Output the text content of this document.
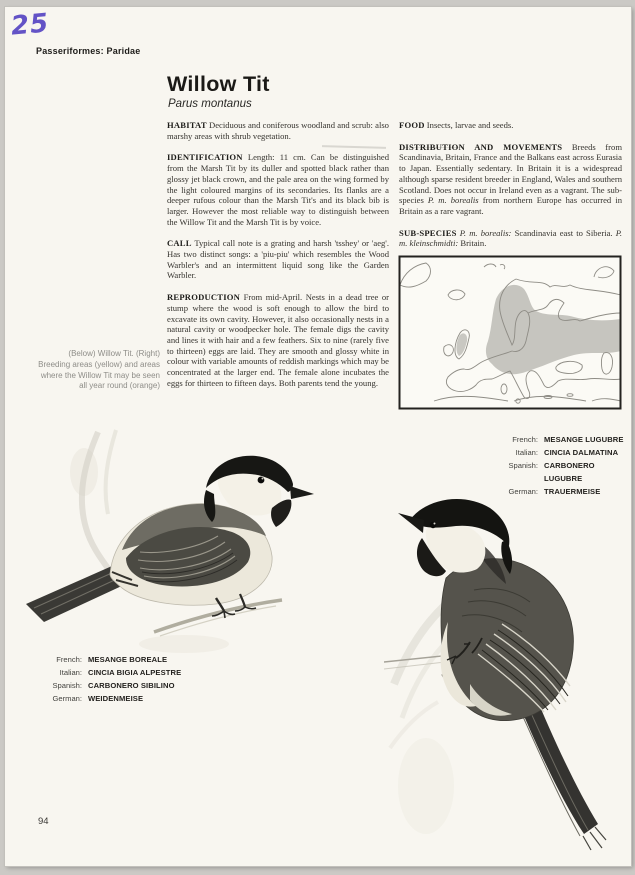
25
Passeriformes: Paridae
Willow Tit
Parus montanus

HABITAT Deciduous and coniferous woodland and scrub: also marshy areas with shrub vegetation.

IDENTIFICATION Length: 11 cm. Can be distinguished from the Marsh Tit by its duller and spotted black rather than glossy jet black crown, and the pale area on the wing formed by the light coloured margins of its secondaries. Its flanks are a deeper rufous colour than the Marsh Tit's and its black bib is larger. However the most reliable way to distinguish between the Willow Tit and the Marsh Tit is by voice.

CALL Typical call note is a grating and harsh 'tsshey' or 'aeg'. Has two distinct songs: a 'piu-piu' which resembles the Wood Warbler's and an intermittent liquid song like the Garden Warbler.

REPRODUCTION From mid-April. Nests in a dead tree or stump where the wood is soft enough to allow the bird to excavate its own cavity. However, it also occasionally nests in a natural cavity or woodpecker hole. The female digs the cavity and lines it with hair and a few feathers. Six to nine (rarely five to thirteen) eggs are laid. They are smooth and glossy white in colour with variable amounts of reddish markings which may be concentrated at the larger end. The female alone incubates the eggs for thirteen to fifteen days. Both parents tend the young.

FOOD Insects, larvae and seeds.

DISTRIBUTION AND MOVEMENTS Breeds from Scandinavia, Britain, France and the Balkans east across Eurasia to Japan. Essentially sedentary. In Britain it is a widespread although sparse resident breeder in England, Wales and southern Scotland. Does not occur in Ireland even as a vagrant. The sub-species P. m. borealis from northern Europe has occurred in Britain as a rare vagrant.

SUB-SPECIES P. m. borealis: Scandinavia east to Siberia. P. m. kleinschmidti: Britain.

(Below) Willow Tit. (Right) Breeding areas (yellow) and areas where the Willow Tit may be seen all year round (orange)
French: MESANGE LUGUBRE
Italian: CINCIA DALMATINA
Spanish: CARBONERO LUGUBRE
German: TRAUERMEISE
French: MESANGE BOREALE
Italian: CINCIA BIGIA ALPESTRE
Spanish: CARBONERO SIBILINO
German: WEIDENMEISE
94
